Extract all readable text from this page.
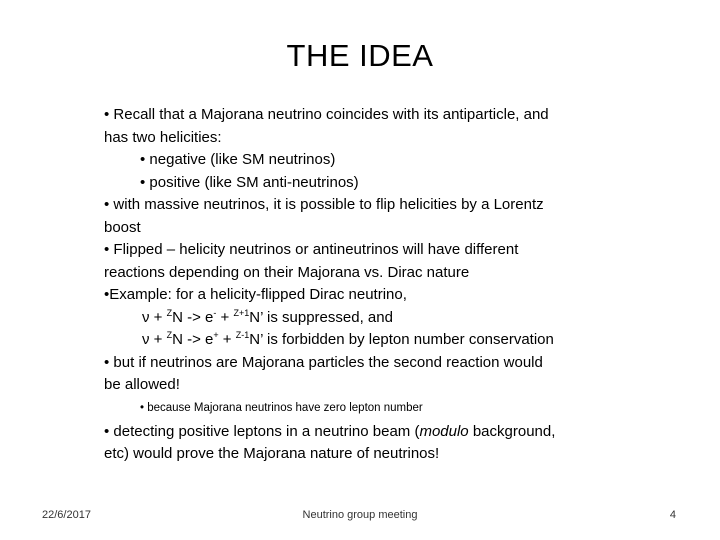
THE IDEA
• Recall that a Majorana neutrino coincides with its antiparticle, and
has two helicities:
• negative (like SM neutrinos)
• positive (like SM anti-neutrinos)
• with massive neutrinos, it is possible to flip helicities by a Lorentz
boost
• Flipped – helicity neutrinos or antineutrinos will have different
reactions depending on their Majorana vs. Dirac nature
•Example: for a helicity-flipped Dirac neutrino,
ν + $^Z$N -> e- + $^{Z+1}$N’ is suppressed, and
ν + $^Z$N -> e+ + $^{Z-1}$N’ is forbidden by lepton number conservation
• but if neutrinos are Majorana particles the second reaction would
be allowed!
• because Majorana neutrinos have zero lepton number
• detecting positive leptons in a neutrino beam (modulo background,
etc) would prove the Majorana nature of neutrinos!
22/6/2017	Neutrino group meeting	4
